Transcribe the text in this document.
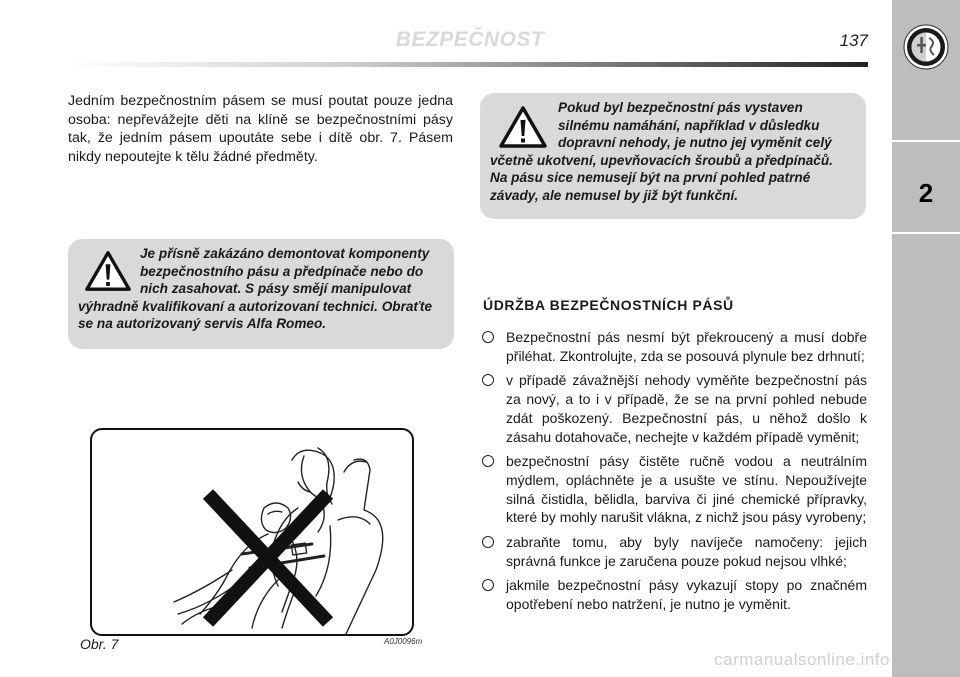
BEZPEČNOST	137
2
Jedním bezpečnostním pásem se musí poutat pouze jedna osoba: nepřevážejte děti na klíně se bezpečnostními pásy tak, že jedním pásem upoutáte sebe i dítě obr. 7. Pásem nikdy nepoutejte k tělu žádné předměty.
Pokud byl bezpečnostní pás vystaven silnému namáhání, například v důsledku dopravní nehody, je nutno jej vyměnit celý včetně ukotvení, upevňovacích šroubů a předpínačů. Na pásu sice nemusejí být na první pohled patrné závady, ale nemusel by již být funkční.
Je přísně zakázáno demontovat komponenty bezpečnostního pásu a předpínače nebo do nich zasahovat. S pásy smějí manipulovat výhradně kvalifikovaní a autorizovaní technici. Obraťte se na autorizovaný servis Alfa Romeo.
ÚDRŽBA BEZPEČNOSTNÍCH PÁSŮ
Bezpečnostní pás nesmí být překroucený a musí dobře přiléhat. Zkontrolujte, zda se posouvá plynule bez drhnutí;
v případě závažnější nehody vyměňte bezpečnostní pás za nový, a to i v případě, že se na první pohled nebude zdát poškozený. Bezpečnostní pás, u něhož došlo k zásahu dotahovače, nechejte v každém případě vyměnit;
bezpečnostní pásy čistěte ručně vodou a neutrálním mýdlem, opláchněte je a usušte ve stínu. Nepoužívejte silná čistidla, bělidla, barviva či jiné chemické přípravky, které by mohly narušit vlákna, z nichž jsou pásy vyrobeny;
zabraňte tomu, aby byly navíječe namočeny: jejich správná funkce je zaručena pouze pokud nejsou vlhké;
jakmile bezpečnostní pásy vykazují stopy po značném opotřebení nebo natržení, je nutno je vyměnit.
Obr. 7	A0J0096m
carmanualsonline.info
